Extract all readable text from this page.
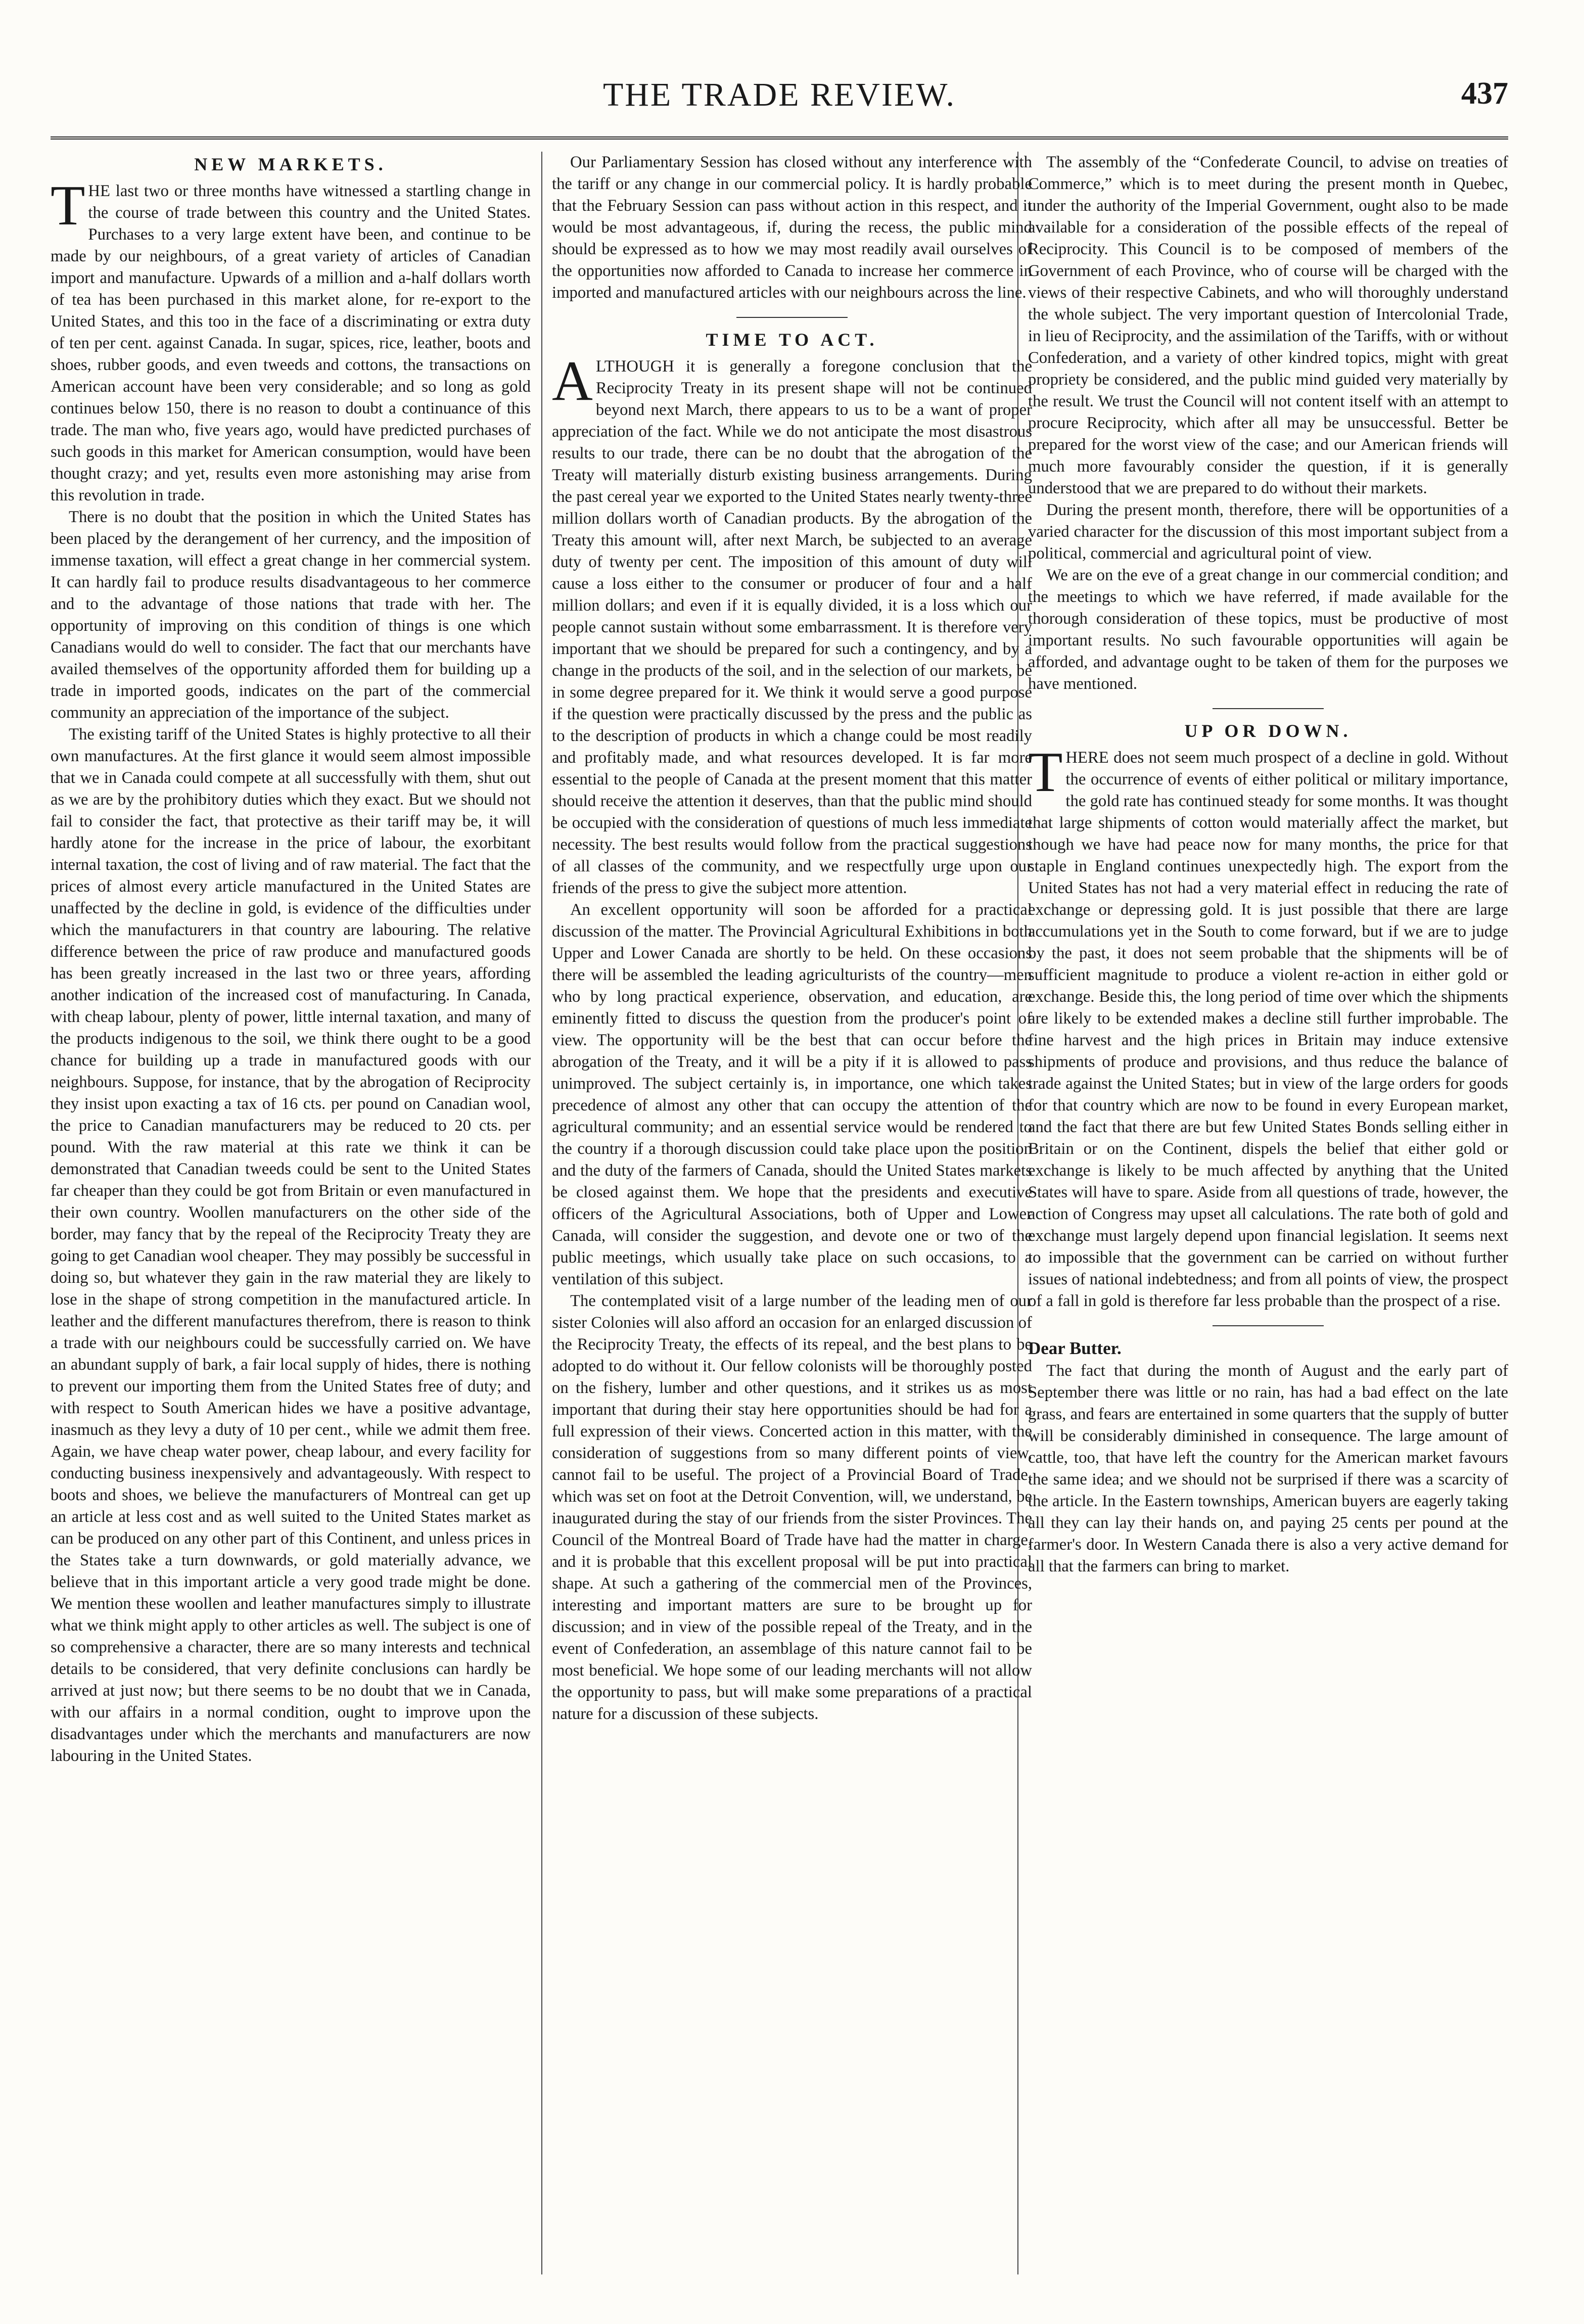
THE TRADE REVIEW.	437
NEW MARKETS.

THE last two or three months have witnessed a startling change in the course of trade between this country and the United States. Purchases to a very large extent have been, and continue to be made by our neighbours, of a great variety of articles of Canadian import and manufacture. Upwards of a million and a-half dollars worth of tea has been purchased in this market alone, for re-export to the United States, and this too in the face of a discriminating or extra duty of ten per cent. against Canada. In sugar, spices, rice, leather, boots and shoes, rubber goods, and even tweeds and cottons, the transactions on American account have been very considerable; and so long as gold continues below 150, there is no reason to doubt a continuance of this trade. The man who, five years ago, would have predicted purchases of such goods in this market for American consumption, would have been thought crazy; and yet, results even more astonishing may arise from this revolution in trade.

There is no doubt that the position in which the United States has been placed by the derangement of her currency, and the imposition of immense taxation, will effect a great change in her commercial system. It can hardly fail to produce results disadvantageous to her commerce and to the advantage of those nations that trade with her. The opportunity of improving on this condition of things is one which Canadians would do well to consider. The fact that our merchants have availed themselves of the opportunity afforded them for building up a trade in imported goods, indicates on the part of the commercial community an appreciation of the importance of the subject.

The existing tariff of the United States is highly protective to all their own manufactures. At the first glance it would seem almost impossible that we in Canada could compete at all successfully with them, shut out as we are by the prohibitory duties which they exact. But we should not fail to consider the fact, that protective as their tariff may be, it will hardly atone for the increase in the price of labour, the exorbitant internal taxation, the cost of living and of raw material. The fact that the prices of almost every article manufactured in the United States are unaffected by the decline in gold, is evidence of the difficulties under which the manufacturers in that country are labouring. The relative difference between the price of raw produce and manufactured goods has been greatly increased in the last two or three years, affording another indication of the increased cost of manufacturing. In Canada, with cheap labour, plenty of power, little internal taxation, and many of the products indigenous to the soil, we think there ought to be a good chance for building up a trade in manufactured goods with our neighbours. Suppose, for instance, that by the abrogation of Reciprocity they insist upon exacting a tax of 16 cts. per pound on Canadian wool, the price to Canadian manufacturers may be reduced to 20 cts. per pound. With the raw material at this rate we think it can be demonstrated that Canadian tweeds could be sent to the United States far cheaper than they could be got from Britain or even manufactured in their own country. Woollen manufacturers on the other side of the border, may fancy that by the repeal of the Reciprocity Treaty they are going to get Canadian wool cheaper. They may possibly be successful in doing so, but whatever they gain in the raw material they are likely to lose in the shape of strong competition in the manufactured article. In leather and the different manufactures therefrom, there is reason to think a trade with our neighbours could be successfully carried on. We have an abundant supply of bark, a fair local supply of hides, there is nothing to prevent our importing them from the United States free of duty; and with respect to South American hides we have a positive advantage, inasmuch as they levy a duty of 10 per cent., while we admit them free. Again, we have cheap water power, cheap labour, and every facility for conducting business inexpensively and advantageously. With respect to boots and shoes, we believe the manufacturers of Montreal can get up an article at less cost and as well suited to the United States market as can be produced on any other part of this Continent, and unless prices in the States take a turn downwards, or gold materially advance, we believe that in this important article a very good trade might be done. We mention these woollen and leather manufactures simply to illustrate what we think might apply to other articles as well. The subject is one of so comprehensive a character, there are so many interests and technical details to be considered, that very definite conclusions can hardly be arrived at just now; but there seems to be no doubt that we in Canada, with our affairs in a normal condition, ought to improve upon the disadvantages under which the merchants and manufacturers are now labouring in the United States.

Our Parliamentary Session has closed without any interference with the tariff or any change in our commercial policy. It is hardly probable that the February Session can pass without action in this respect, and it would be most advantageous, if, during the recess, the public mind should be expressed as to how we may most readily avail ourselves of the opportunities now afforded to Canada to increase her commerce in imported and manufactured articles with our neighbours across the line.

TIME TO ACT.

ALTHOUGH it is generally a foregone conclusion that the Reciprocity Treaty in its present shape will not be continued beyond next March, there appears to us to be a want of proper appreciation of the fact. While we do not anticipate the most disastrous results to our trade, there can be no doubt that the abrogation of the Treaty will materially disturb existing business arrangements. During the past cereal year we exported to the United States nearly twenty-three million dollars worth of Canadian products. By the abrogation of the Treaty this amount will, after next March, be subjected to an average duty of twenty per cent. The imposition of this amount of duty will cause a loss either to the consumer or producer of four and a half million dollars; and even if it is equally divided, it is a loss which our people cannot sustain without some embarrassment. It is therefore very important that we should be prepared for such a contingency, and by a change in the products of the soil, and in the selection of our markets, be in some degree prepared for it. We think it would serve a good purpose if the question were practically discussed by the press and the public as to the description of products in which a change could be most readily and profitably made, and what resources developed. It is far more essential to the people of Canada at the present moment that this matter should receive the attention it deserves, than that the public mind should be occupied with the consideration of questions of much less immediate necessity. The best results would follow from the practical suggestions of all classes of the community, and we respectfully urge upon our friends of the press to give the subject more attention.

An excellent opportunity will soon be afforded for a practical discussion of the matter. The Provincial Agricultural Exhibitions in both Upper and Lower Canada are shortly to be held. On these occasions there will be assembled the leading agriculturists of the country—men who by long practical experience, observation, and education, are eminently fitted to discuss the question from the producer's point of view. The opportunity will be the best that can occur before the abrogation of the Treaty, and it will be a pity if it is allowed to pass unimproved. The subject certainly is, in importance, one which takes precedence of almost any other that can occupy the attention of the agricultural community; and an essential service would be rendered to the country if a thorough discussion could take place upon the position and the duty of the farmers of Canada, should the United States markets be closed against them. We hope that the presidents and executive officers of the Agricultural Associations, both of Upper and Lower Canada, will consider the suggestion, and devote one or two of the public meetings, which usually take place on such occasions, to a ventilation of this subject.

The contemplated visit of a large number of the leading men of our sister Colonies will also afford an occasion for an enlarged discussion of the Reciprocity Treaty, the effects of its repeal, and the best plans to be adopted to do without it. Our fellow colonists will be thoroughly posted on the fishery, lumber and other questions, and it strikes us as most important that during their stay here opportunities should be had for a full expression of their views. Concerted action in this matter, with the consideration of suggestions from so many different points of view, cannot fail to be useful. The project of a Provincial Board of Trade, which was set on foot at the Detroit Convention, will, we understand, be inaugurated during the stay of our friends from the sister Provinces. The Council of the Montreal Board of Trade have had the matter in charge, and it is probable that this excellent proposal will be put into practical shape. At such a gathering of the commercial men of the Provinces, interesting and important matters are sure to be brought up for discussion; and in view of the possible repeal of the Treaty, and in the event of Confederation, an assemblage of this nature cannot fail to be most beneficial. We hope some of our leading merchants will not allow the opportunity to pass, but will make some preparations of a practical nature for a discussion of these subjects.

The assembly of the “Confederate Council, to advise on treaties of Commerce,” which is to meet during the present month in Quebec, under the authority of the Imperial Government, ought also to be made available for a consideration of the possible effects of the repeal of Reciprocity. This Council is to be composed of members of the Government of each Province, who of course will be charged with the views of their respective Cabinets, and who will thoroughly understand the whole subject. The very important question of Intercolonial Trade, in lieu of Reciprocity, and the assimilation of the Tariffs, with or without Confederation, and a variety of other kindred topics, might with great propriety be considered, and the public mind guided very materially by the result. We trust the Council will not content itself with an attempt to procure Reciprocity, which after all may be unsuccessful. Better be prepared for the worst view of the case; and our American friends will much more favourably consider the question, if it is generally understood that we are prepared to do without their markets.

During the present month, therefore, there will be opportunities of a varied character for the discussion of this most important subject from a political, commercial and agricultural point of view.

We are on the eve of a great change in our commercial condition; and the meetings to which we have referred, if made available for the thorough consideration of these topics, must be productive of most important results. No such favourable opportunities will again be afforded, and advantage ought to be taken of them for the purposes we have mentioned.

UP OR DOWN.

THERE does not seem much prospect of a decline in gold. Without the occurrence of events of either political or military importance, the gold rate has continued steady for some months. It was thought that large shipments of cotton would materially affect the market, but though we have had peace now for many months, the price for that staple in England continues unexpectedly high. The export from the United States has not had a very material effect in reducing the rate of exchange or depressing gold. It is just possible that there are large accumulations yet in the South to come forward, but if we are to judge by the past, it does not seem probable that the shipments will be of sufficient magnitude to produce a violent re-action in either gold or exchange. Beside this, the long period of time over which the shipments are likely to be extended makes a decline still further improbable. The fine harvest and the high prices in Britain may induce extensive shipments of produce and provisions, and thus reduce the balance of trade against the United States; but in view of the large orders for goods for that country which are now to be found in every European market, and the fact that there are but few United States Bonds selling either in Britain or on the Continent, dispels the belief that either gold or exchange is likely to be much affected by anything that the United States will have to spare. Aside from all questions of trade, however, the action of Congress may upset all calculations. The rate both of gold and exchange must largely depend upon financial legislation. It seems next to impossible that the government can be carried on without further issues of national indebtedness; and from all points of view, the prospect of a fall in gold is therefore far less probable than the prospect of a rise.

Dear Butter.

The fact that during the month of August and the early part of September there was little or no rain, has had a bad effect on the late grass, and fears are entertained in some quarters that the supply of butter will be considerably diminished in consequence. The large amount of cattle, too, that have left the country for the American market favours the same idea; and we should not be surprised if there was a scarcity of the article. In the Eastern townships, American buyers are eagerly taking all they can lay their hands on, and paying 25 cents per pound at the farmer's door. In Western Canada there is also a very active demand for all that the farmers can bring to market.
